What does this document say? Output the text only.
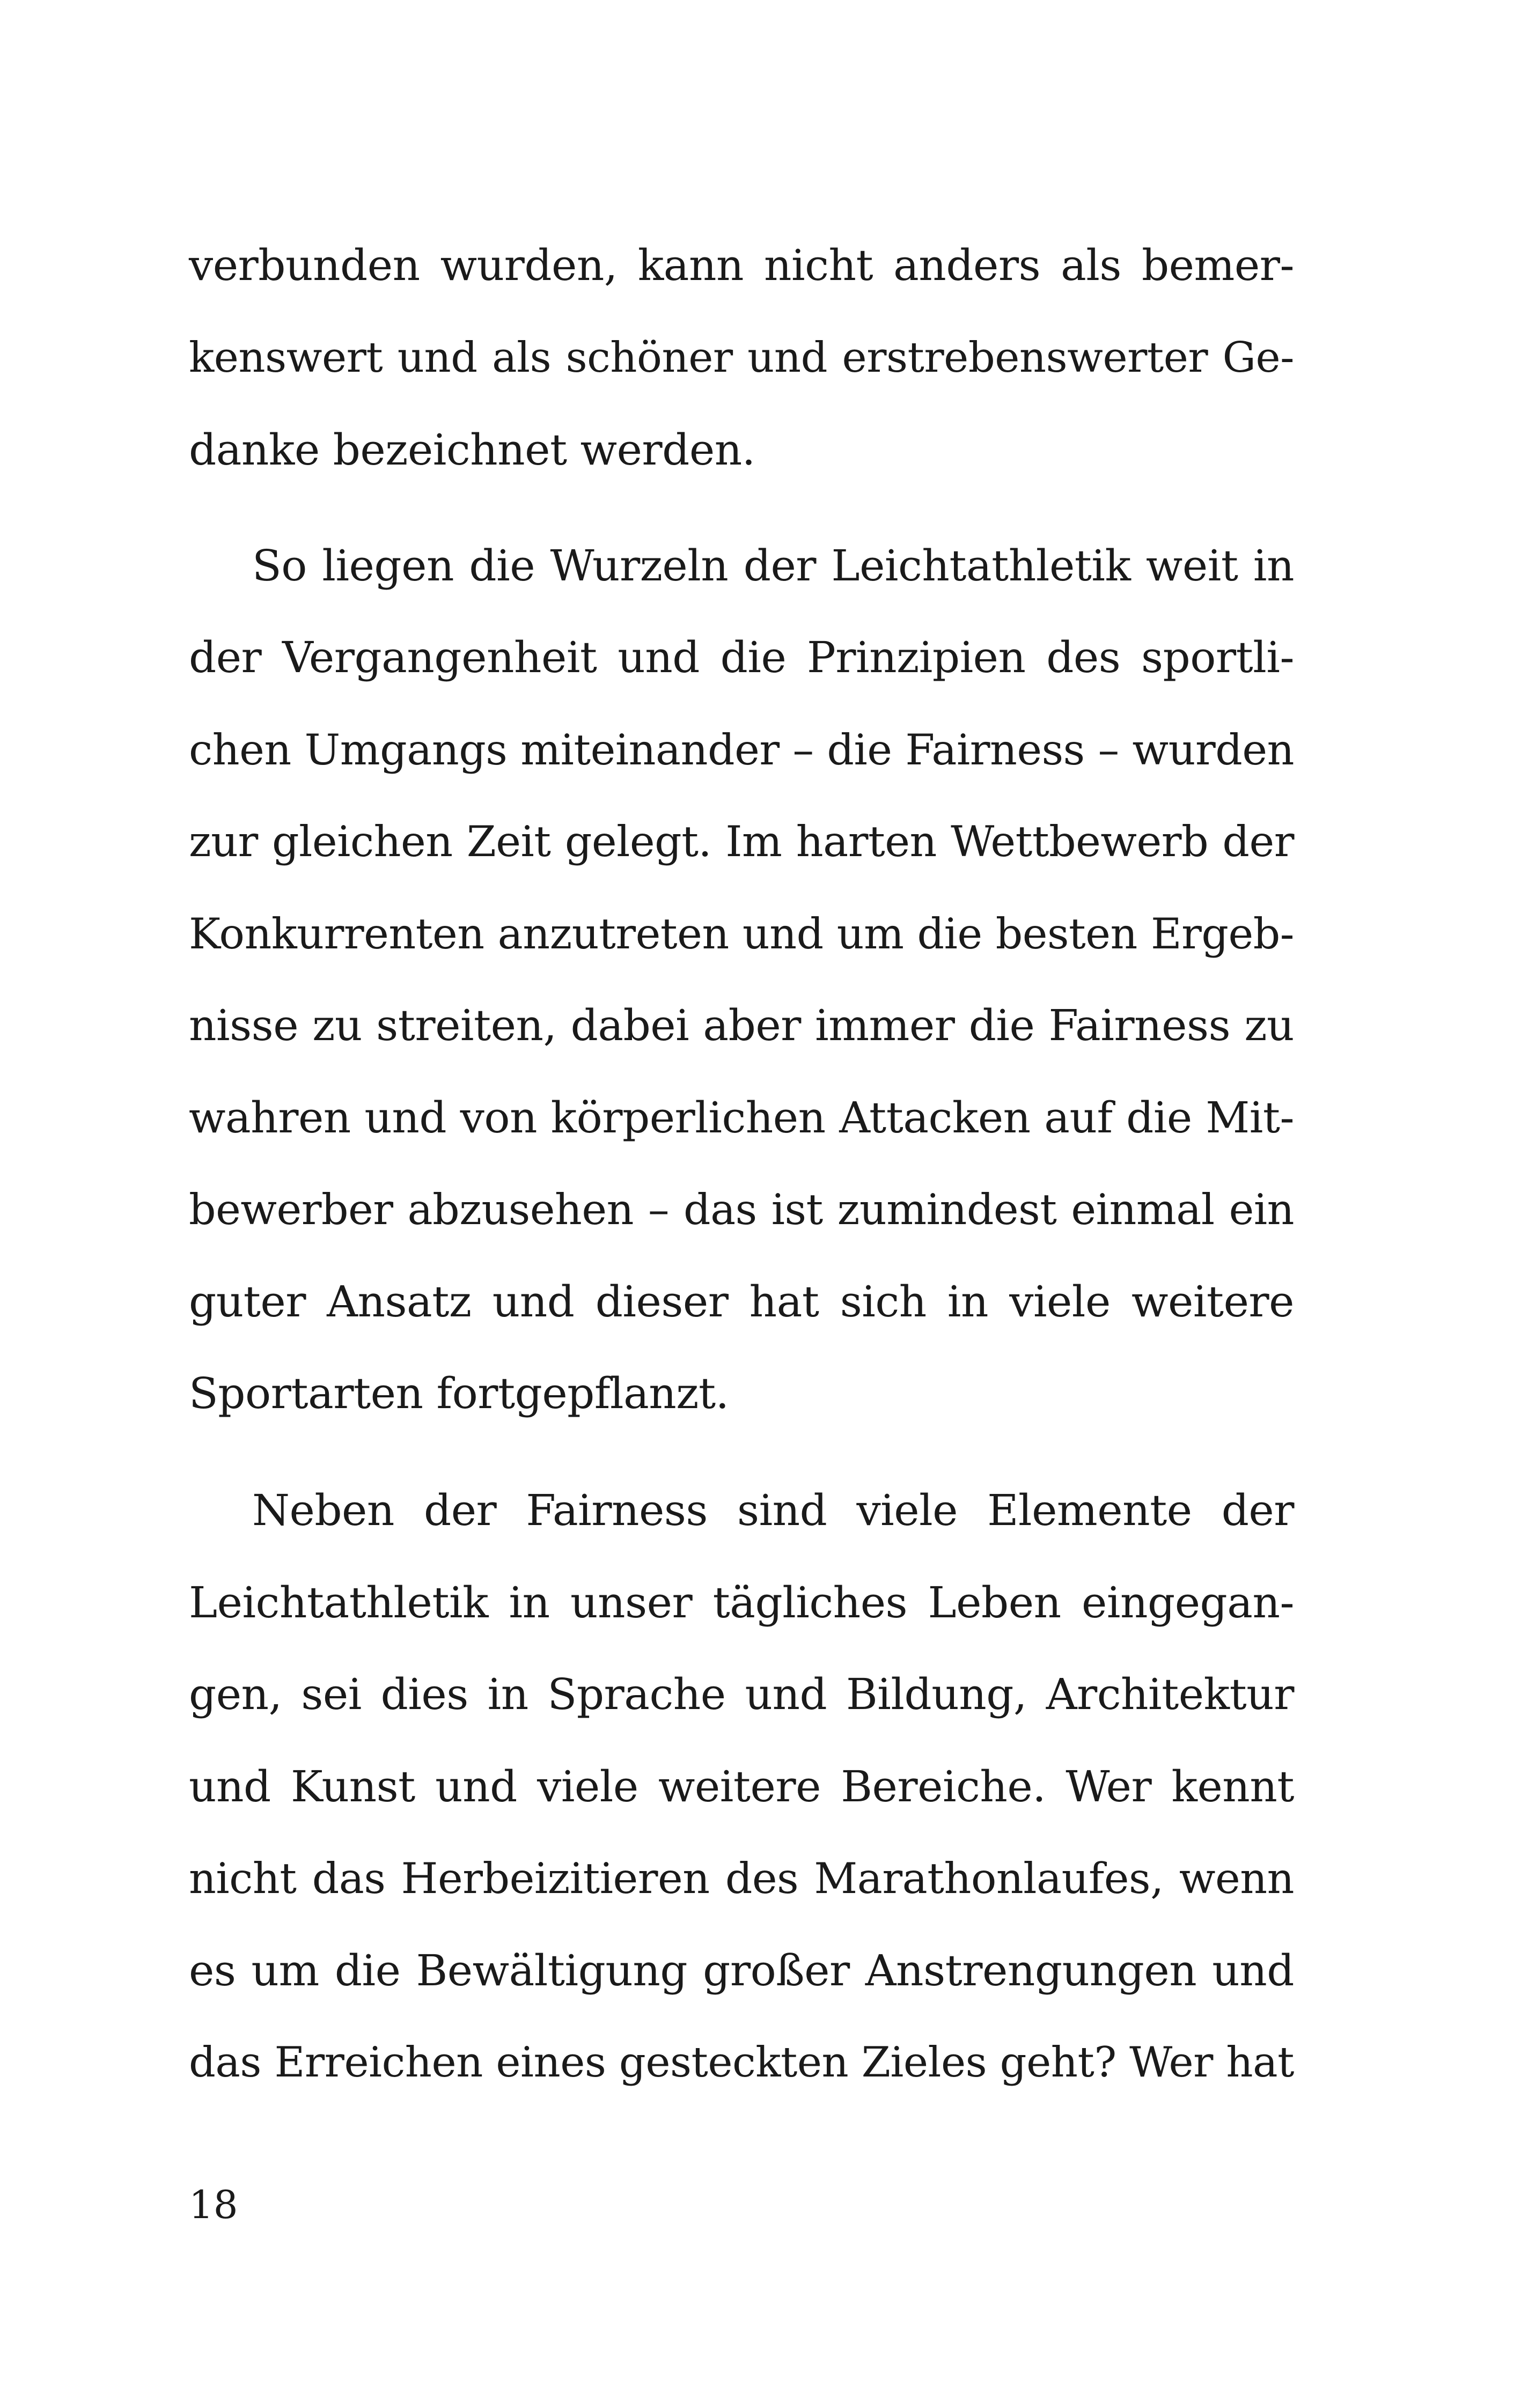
verbunden wurden, kann nicht anders als bemer-
kenswert und als schöner und erstrebenswerter Ge-
danke bezeichnet werden.
So liegen die Wurzeln der Leichtathletik weit in
der Vergangenheit und die Prinzipien des sportli-
chen Umgangs miteinander – die Fairness – wurden
zur gleichen Zeit gelegt. Im harten Wettbewerb der
Konkurrenten anzutreten und um die besten Ergeb-
nisse zu streiten, dabei aber immer die Fairness zu
wahren und von körperlichen Attacken auf die Mit-
bewerber abzusehen – das ist zumindest einmal ein
guter Ansatz und dieser hat sich in viele weitere
Sportarten fortgepflanzt.
Neben der Fairness sind viele Elemente der
Leichtathletik in unser tägliches Leben eingegan-
gen, sei dies in Sprache und Bildung, Architektur
und Kunst und viele weitere Bereiche. Wer kennt
nicht das Herbeizitieren des Marathonlaufes, wenn
es um die Bewältigung großer Anstrengungen und
das Erreichen eines gesteckten Zieles geht? Wer hat
18
